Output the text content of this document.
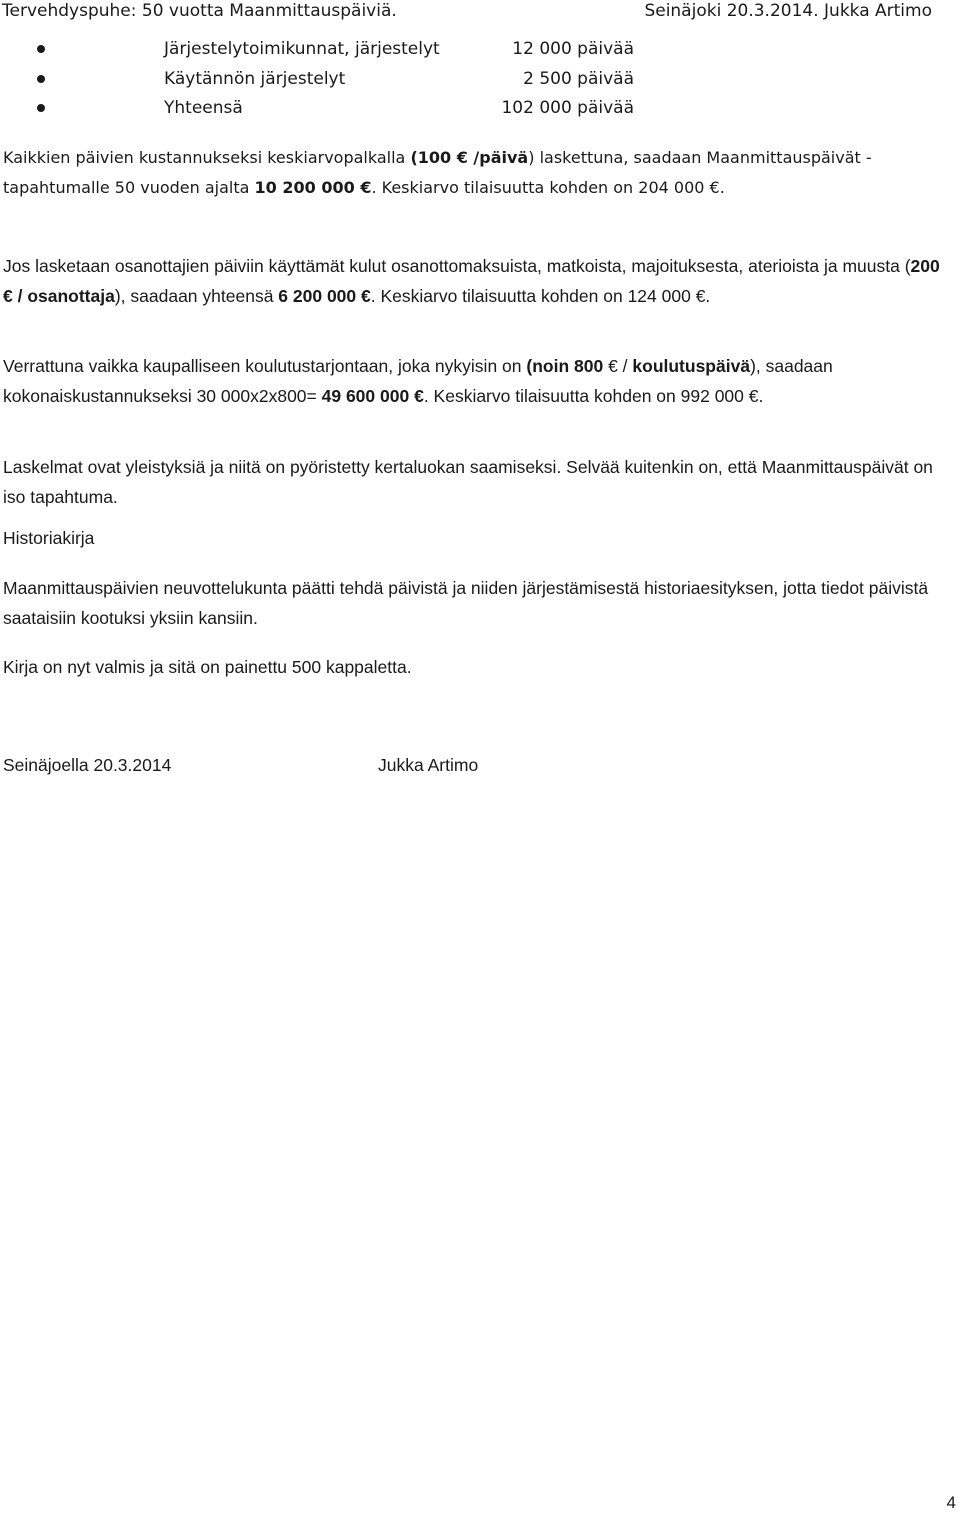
Tervehdyspuhe: 50 vuotta Maanmittauspäiviä.	Seinäjoki 20.3.2014. Jukka Artimo
Järjestelytoimikunnat, järjestelyt	12 000 päivää
Käytännön järjestelyt	2 500 päivää
Yhteensä	102 000 päivää

Kaikkien päivien kustannukseksi keskiarvopalkalla (100 € /päivä) laskettuna, saadaan Maanmittauspäivät -tapahtumalle 50 vuoden ajalta 10 200 000 €. Keskiarvo tilaisuutta kohden on 204 000 €.

Jos lasketaan osanottajien päiviin käyttämät kulut osanottomaksuista, matkoista, majoituksesta, aterioista ja muusta (200 € / osanottaja), saadaan yhteensä 6 200 000 €. Keskiarvo tilaisuutta kohden on 124 000 €.

Verrattuna vaikka kaupalliseen koulutustarjontaan, joka nykyisin on (noin 800 € / koulutuspäivä), saadaan kokonaiskustannukseksi 30 000x2x800= 49 600 000 €. Keskiarvo tilaisuutta kohden on 992 000 €.

Laskelmat ovat yleistyksiä ja niitä on pyöristetty kertaluokan saamiseksi. Selvää kuitenkin on, että Maanmittauspäivät on iso tapahtuma.

Historiakirja

Maanmittauspäivien neuvottelukunta päätti tehdä päivistä ja niiden järjestämisestä historiaesityksen, jotta tiedot päivistä saataisiin kootuksi yksiin kansiin.

Kirja on nyt valmis ja sitä on painettu 500 kappaletta.

Seinäjoella 20.3.2014	Jukka Artimo
4
